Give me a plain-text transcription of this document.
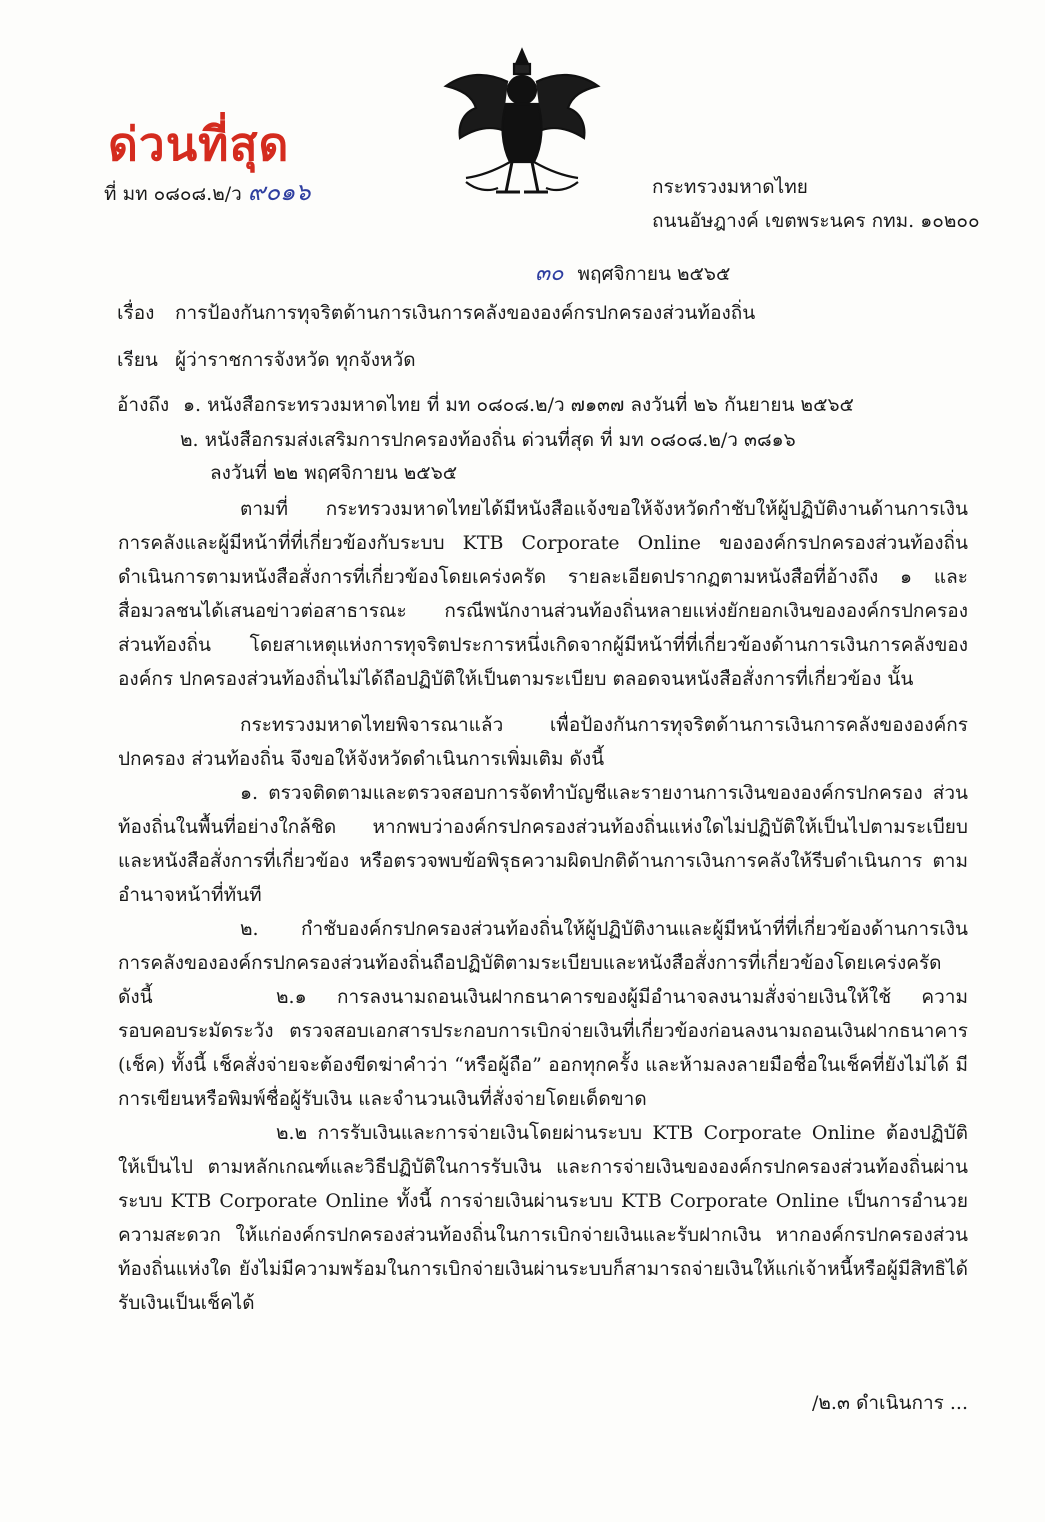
ด่วนที่สุด
ที่ มท ๐๘๐๘.๒/ว ๙๐๑๖	กระทรวงมหาดไทย
ถนนอัษฎางค์ เขตพระนคร กทม. ๑๐๒๐๐
๓๐ พฤศจิกายน ๒๕๖๕
เรื่อง การป้องกันการทุจริตด้านการเงินการคลังขององค์กรปกครองส่วนท้องถิ่น
เรียน ผู้ว่าราชการจังหวัด ทุกจังหวัด
อ้างถึง ๑. หนังสือกระทรวงมหาดไทย ที่ มท ๐๘๐๘.๒/ว ๗๑๓๗ ลงวันที่ ๒๖ กันยายน ๒๕๖๕
๒. หนังสือกรมส่งเสริมการปกครองท้องถิ่น ด่วนที่สุด ที่ มท ๐๘๐๘.๒/ว ๓๘๑๖
ลงวันที่ ๒๒ พฤศจิกายน ๒๕๖๕
ตามที่ กระทรวงมหาดไทยได้มีหนังสือแจ้งขอให้จังหวัดกำชับให้ผู้ปฏิบัติงานด้านการเงิน การคลังและผู้มีหน้าที่ที่เกี่ยวข้องกับระบบ KTB Corporate Online ขององค์กรปกครองส่วนท้องถิ่น ดำเนินการตามหนังสือสั่งการที่เกี่ยวข้องโดยเคร่งครัด รายละเอียดปรากฏตามหนังสือที่อ้างถึง ๑ และสื่อมวลชนได้เสนอข่าวต่อสาธารณะ กรณีพนักงานส่วนท้องถิ่นหลายแห่งยักยอกเงินขององค์กรปกครอง ส่วนท้องถิ่น โดยสาเหตุแห่งการทุจริตประการหนึ่งเกิดจากผู้มีหน้าที่ที่เกี่ยวข้องด้านการเงินการคลังขององค์กร ปกครองส่วนท้องถิ่นไม่ได้ถือปฏิบัติให้เป็นตามระเบียบ ตลอดจนหนังสือสั่งการที่เกี่ยวข้อง นั้น
กระทรวงมหาดไทยพิจารณาแล้ว เพื่อป้องกันการทุจริตด้านการเงินการคลังขององค์กรปกครอง ส่วนท้องถิ่น จึงขอให้จังหวัดดำเนินการเพิ่มเติม ดังนี้
๑. ตรวจติดตามและตรวจสอบการจัดทำบัญชีและรายงานการเงินขององค์กรปกครอง ส่วนท้องถิ่นในพื้นที่อย่างใกล้ชิด หากพบว่าองค์กรปกครองส่วนท้องถิ่นแห่งใดไม่ปฏิบัติให้เป็นไปตามระเบียบ และหนังสือสั่งการที่เกี่ยวข้อง หรือตรวจพบข้อพิรุธความผิดปกติด้านการเงินการคลังให้รีบดำเนินการ ตามอำนาจหน้าที่ทันที
๒. กำชับองค์กรปกครองส่วนท้องถิ่นให้ผู้ปฏิบัติงานและผู้มีหน้าที่ที่เกี่ยวข้องด้านการเงิน การคลังขององค์กรปกครองส่วนท้องถิ่นถือปฏิบัติตามระเบียบและหนังสือสั่งการที่เกี่ยวข้องโดยเคร่งครัด ดังนี้	๒.๑ การลงนามถอนเงินฝากธนาคารของผู้มีอำนาจลงนามสั่งจ่ายเงินให้ใช้ ความรอบคอบระมัดระวัง ตรวจสอบเอกสารประกอบการเบิกจ่ายเงินที่เกี่ยวข้องก่อนลงนามถอนเงินฝากธนาคาร (เช็ค) ทั้งนี้ เช็คสั่งจ่ายจะต้องขีดฆ่าคำว่า “หรือผู้ถือ” ออกทุกครั้ง และห้ามลงลายมือชื่อในเช็คที่ยังไม่ได้ มีการเขียนหรือพิมพ์ชื่อผู้รับเงิน และจำนวนเงินที่สั่งจ่ายโดยเด็ดขาด
๒.๒ การรับเงินและการจ่ายเงินโดยผ่านระบบ KTB Corporate Online ต้องปฏิบัติให้เป็นไป ตามหลักเกณฑ์และวิธีปฏิบัติในการรับเงิน และการจ่ายเงินขององค์กรปกครองส่วนท้องถิ่นผ่านระบบ KTB Corporate Online ทั้งนี้ การจ่ายเงินผ่านระบบ KTB Corporate Online เป็นการอำนวยความสะดวก ให้แก่องค์กรปกครองส่วนท้องถิ่นในการเบิกจ่ายเงินและรับฝากเงิน หากองค์กรปกครองส่วนท้องถิ่นแห่งใด ยังไม่มีความพร้อมในการเบิกจ่ายเงินผ่านระบบก็สามารถจ่ายเงินให้แก่เจ้าหนี้หรือผู้มีสิทธิได้รับเงินเป็นเช็คได้
/๒.๓ ดำเนินการ ...
